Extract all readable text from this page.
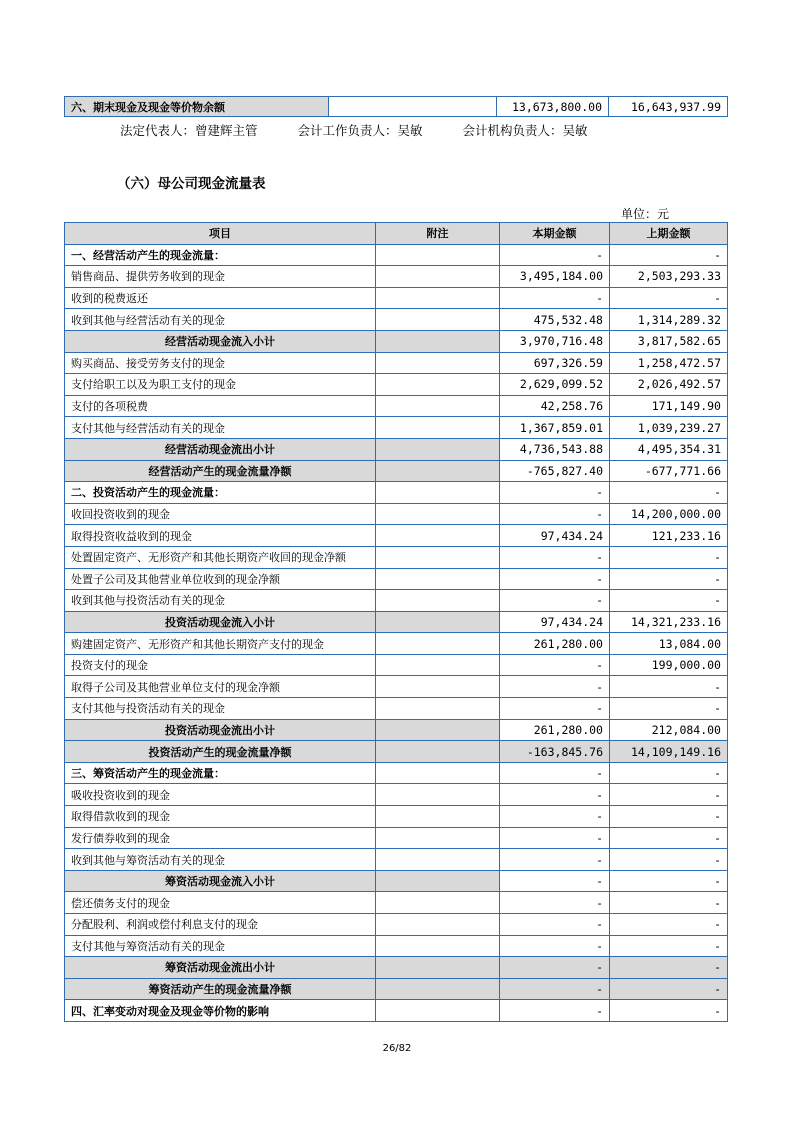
六、期末现金及现金等价物余额		13,673,800.00	16,643,937.99
法定代表人：曾建辉主管	会计工作负责人：吴敏	会计机构负责人：吴敏
（六）母公司现金流量表
单位：元
项目	附注	本期金额	上期金额
一、经营活动产生的现金流量：		-	-
销售商品、提供劳务收到的现金		3,495,184.00	2,503,293.33
收到的税费返还		-	-
收到其他与经营活动有关的现金		475,532.48	1,314,289.32
经营活动现金流入小计		3,970,716.48	3,817,582.65
购买商品、接受劳务支付的现金		697,326.59	1,258,472.57
支付给职工以及为职工支付的现金		2,629,099.52	2,026,492.57
支付的各项税费		42,258.76	171,149.90
支付其他与经营活动有关的现金		1,367,859.01	1,039,239.27
经营活动现金流出小计		4,736,543.88	4,495,354.31
经营活动产生的现金流量净额		-765,827.40	-677,771.66
二、投资活动产生的现金流量：		-	-
收回投资收到的现金		-	14,200,000.00
取得投资收益收到的现金		97,434.24	121,233.16
处置固定资产、无形资产和其他长期资产收回的现金净额		-	-
处置子公司及其他营业单位收到的现金净额		-	-
收到其他与投资活动有关的现金		-	-
投资活动现金流入小计		97,434.24	14,321,233.16
购建固定资产、无形资产和其他长期资产支付的现金		261,280.00	13,084.00
投资支付的现金		-	199,000.00
取得子公司及其他营业单位支付的现金净额		-	-
支付其他与投资活动有关的现金		-	-
投资活动现金流出小计		261,280.00	212,084.00
投资活动产生的现金流量净额		-163,845.76	14,109,149.16
三、筹资活动产生的现金流量：		-	-
吸收投资收到的现金		-	-
取得借款收到的现金		-	-
发行债券收到的现金		-	-
收到其他与筹资活动有关的现金		-	-
筹资活动现金流入小计		-	-
偿还债务支付的现金		-	-
分配股利、利润或偿付利息支付的现金		-	-
支付其他与筹资活动有关的现金		-	-
筹资活动现金流出小计		-	-
筹资活动产生的现金流量净额		-	-
四、汇率变动对现金及现金等价物的影响		-	-
26/82
